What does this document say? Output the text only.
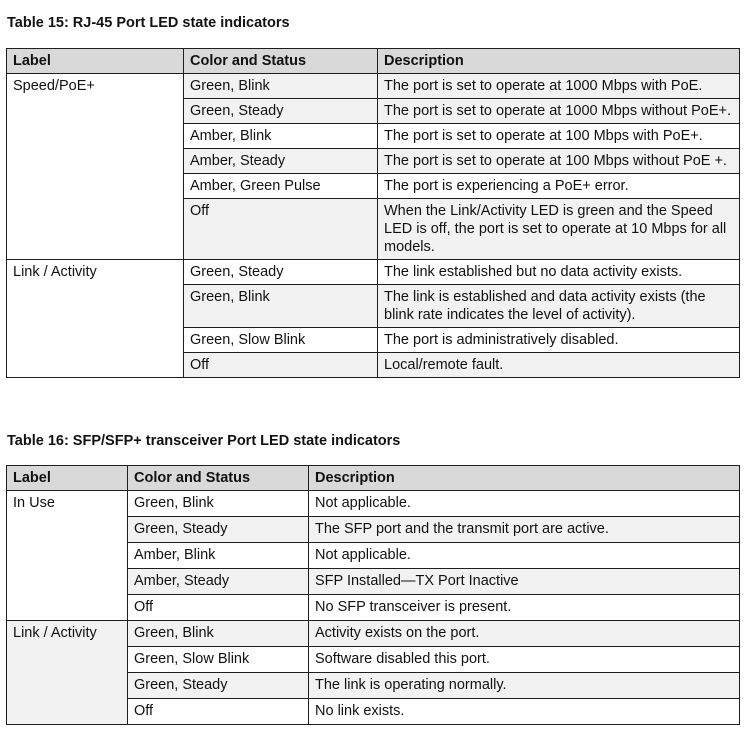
Table 15: RJ-45 Port LED state indicators
Label	Color and Status	Description
Speed/PoE+	Green, Blink	The port is set to operate at 1000 Mbps with PoE.
	Green, Steady	The port is set to operate at 1000 Mbps without PoE+.
	Amber, Blink	The port is set to operate at 100 Mbps with PoE+.
	Amber, Steady	The port is set to operate at 100 Mbps without PoE +.
	Amber, Green Pulse	The port is experiencing a PoE+ error.
	Off	When the Link/Activity LED is green and the Speed LED is off, the port is set to operate at 10 Mbps for all models.
Link / Activity	Green, Steady	The link established but no data activity exists.
	Green, Blink	The link is established and data activity exists (the blink rate indicates the level of activity).
	Green, Slow Blink	The port is administratively disabled.
	Off	Local/remote fault.
Table 16: SFP/SFP+ transceiver Port LED state indicators
Label	Color and Status	Description
In Use	Green, Blink	Not applicable.
	Green, Steady	The SFP port and the transmit port are active.
	Amber, Blink	Not applicable.
	Amber, Steady	SFP Installed—TX Port Inactive
	Off	No SFP transceiver is present.
Link / Activity	Green, Blink	Activity exists on the port.
	Green, Slow Blink	Software disabled this port.
	Green, Steady	The link is operating normally.
	Off	No link exists.
